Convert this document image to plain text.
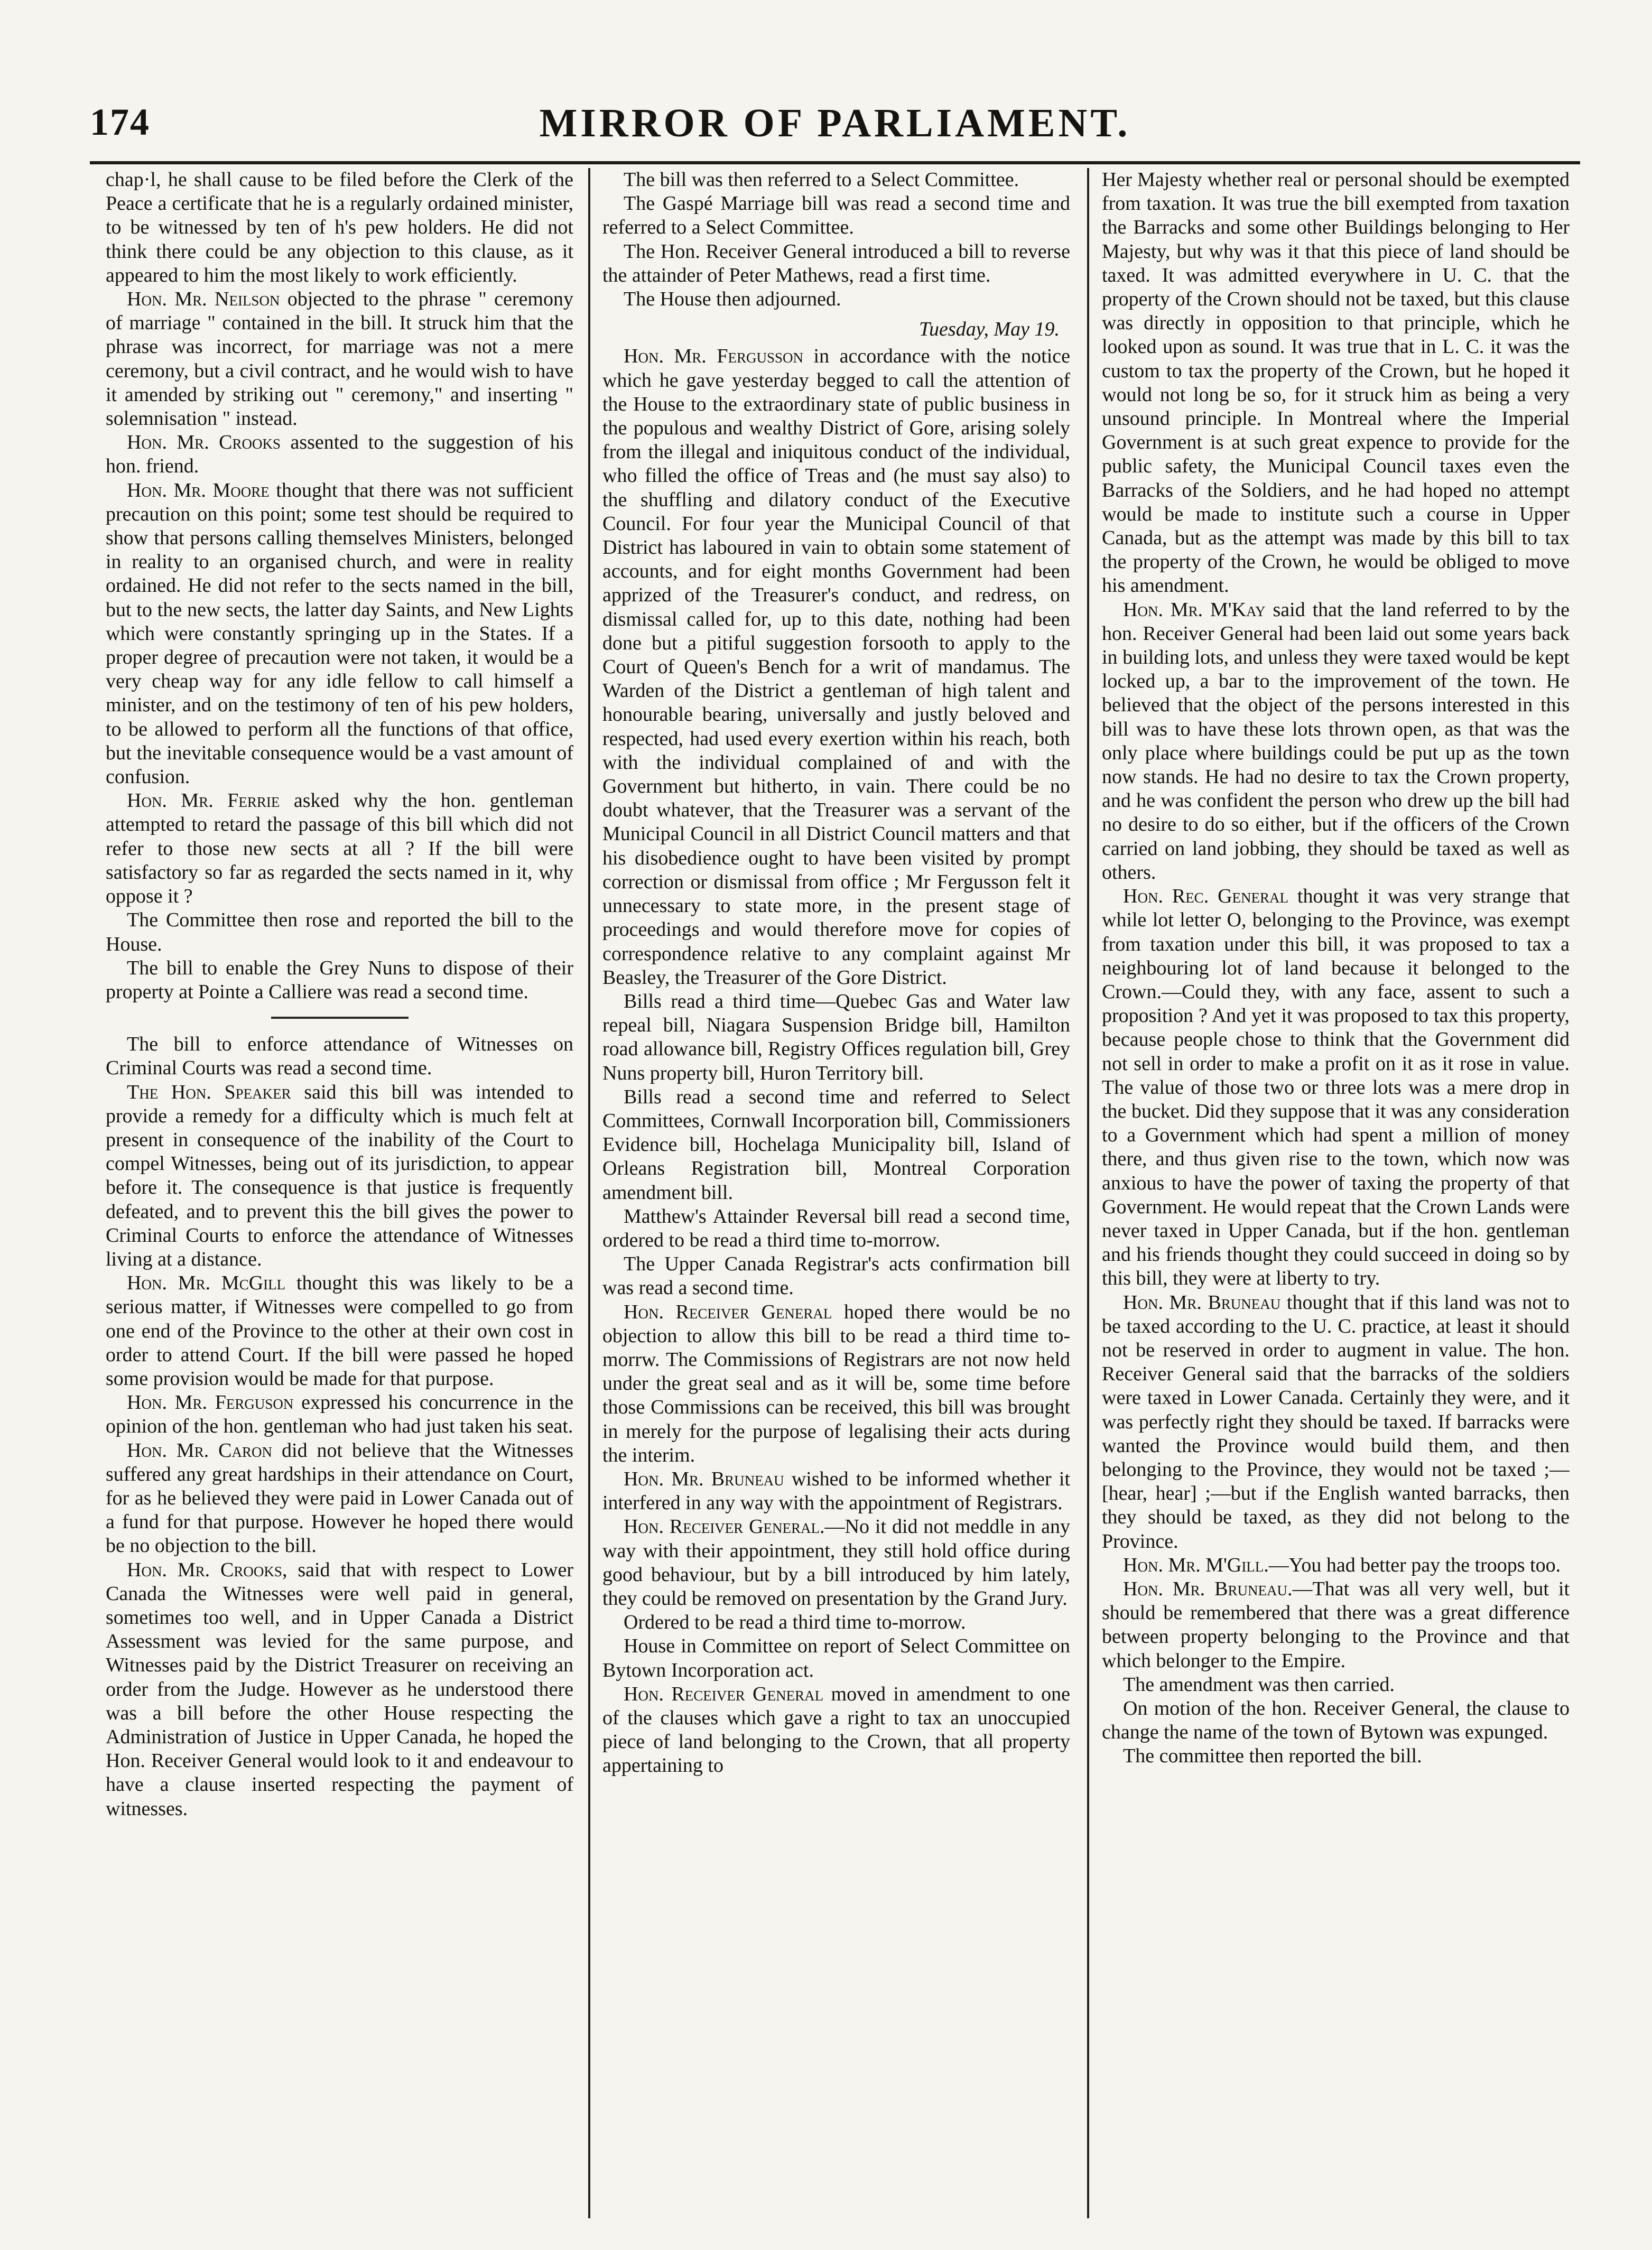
174	MIRROR OF PARLIAMENT.

chap·l, he shall cause to be filed before the Clerk of the Peace a certificate that he is a regularly ordained minister, to be witnessed by ten of h's pew holders. He did not think there could be any objection to this clause, as it appeared to him the most likely to work efficiently.

Hon. Mr. Neilson objected to the phrase " ceremony of marriage " contained in the bill. It struck him that the phrase was incorrect, for marriage was not a mere ceremony, but a civil contract, and he would wish to have it amended by striking out " ceremony," and inserting " solemnisation " instead.

Hon. Mr. Crooks assented to the suggestion of his hon. friend.

Hon. Mr. Moore thought that there was not sufficient precaution on this point; some test should be required to show that persons calling themselves Ministers, belonged in reality to an organised church, and were in reality ordained. He did not refer to the sects named in the bill, but to the new sects, the latter day Saints, and New Lights which were constantly springing up in the States. If a proper degree of precaution were not taken, it would be a very cheap way for any idle fellow to call himself a minister, and on the testimony of ten of his pew holders, to be allowed to perform all the functions of that office, but the inevitable consequence would be a vast amount of confusion.

Hon. Mr. Ferrie asked why the hon. gentleman attempted to retard the passage of this bill which did not refer to those new sects at all ? If the bill were satisfactory so far as regarded the sects named in it, why oppose it ?

The Committee then rose and reported the bill to the House.

The bill to enable the Grey Nuns to dispose of their property at Pointe a Calliere was read a second time.

The bill to enforce attendance of Witnesses on Criminal Courts was read a second time.

The Hon. Speaker said this bill was intended to provide a remedy for a difficulty which is much felt at present in consequence of the inability of the Court to compel Witnesses, being out of its jurisdiction, to appear before it. The consequence is that justice is frequently defeated, and to prevent this the bill gives the power to Criminal Courts to enforce the attendance of Witnesses living at a distance.

Hon. Mr. McGill thought this was likely to be a serious matter, if Witnesses were compelled to go from one end of the Province to the other at their own cost in order to attend Court. If the bill were passed he hoped some provision would be made for that purpose.

Hon. Mr. Ferguson expressed his concurrence in the opinion of the hon. gentleman who had just taken his seat.

Hon. Mr. Caron did not believe that the Witnesses suffered any great hardships in their attendance on Court, for as he believed they were paid in Lower Canada out of a fund for that purpose. However he hoped there would be no objection to the bill.

Hon. Mr. Crooks, said that with respect to Lower Canada the Witnesses were well paid in general, sometimes too well, and in Upper Canada a District Assessment was levied for the same purpose, and Witnesses paid by the District Treasurer on receiving an order from the Judge. However as he understood there was a bill before the other House respecting the Administration of Justice in Upper Canada, he hoped the Hon. Receiver General would look to it and endeavour to have a clause inserted respecting the payment of witnesses.

The bill was then referred to a Select Committee.

The Gaspé Marriage bill was read a second time and referred to a Select Committee.

The Hon. Receiver General introduced a bill to reverse the attainder of Peter Mathews, read a first time.

The House then adjourned.

Tuesday, May 19.

Hon. Mr. Fergusson in accordance with the notice which he gave yesterday begged to call the attention of the House to the extraordinary state of public business in the populous and wealthy District of Gore, arising solely from the illegal and iniquitous conduct of the individual, who filled the office of Treas and (he must say also) to the shuffling and dilatory conduct of the Executive Council. For four year the Municipal Council of that District has laboured in vain to obtain some statement of accounts, and for eight months Government had been apprized of the Treasurer's conduct, and redress, on dismissal called for, up to this date, nothing had been done but a pitiful suggestion forsooth to apply to the Court of Queen's Bench for a writ of mandamus. The Warden of the District a gentleman of high talent and honourable bearing, universally and justly beloved and respected, had used every exertion within his reach, both with the individual complained of and with the Government but hitherto, in vain. There could be no doubt whatever, that the Treasurer was a servant of the Municipal Council in all District Council matters and that his disobedience ought to have been visited by prompt correction or dismissal from office ; Mr Fergusson felt it unnecessary to state more, in the present stage of proceedings and would therefore move for copies of correspondence relative to any complaint against Mr Beasley, the Treasurer of the Gore District.

Bills read a third time—Quebec Gas and Water law repeal bill, Niagara Suspension Bridge bill, Hamilton road allowance bill, Registry Offices regulation bill, Grey Nuns property bill, Huron Territory bill.

Bills read a second time and referred to Select Committees, Cornwall Incorporation bill, Commissioners Evidence bill, Hochelaga Municipality bill, Island of Orleans Registration bill, Montreal Corporation amendment bill.

Matthew's Attainder Reversal bill read a second time, ordered to be read a third time to-morrow.

The Upper Canada Registrar's acts confirmation bill was read a second time.

Hon. Receiver General hoped there would be no objection to allow this bill to be read a third time to-morrw. The Commissions of Registrars are not now held under the great seal and as it will be, some time before those Commissions can be received, this bill was brought in merely for the purpose of legalising their acts during the interim.

Hon. Mr. Bruneau wished to be informed whether it interfered in any way with the appointment of Registrars.

Hon. Receiver General.—No it did not meddle in any way with their appointment, they still hold office during good behaviour, but by a bill introduced by him lately, they could be removed on presentation by the Grand Jury.

Ordered to be read a third time to-morrow.

House in Committee on report of Select Committee on Bytown Incorporation act.

Hon. Receiver General moved in amendment to one of the clauses which gave a right to tax an unoccupied piece of land belonging to the Crown, that all property appertaining to

Her Majesty whether real or personal should be exempted from taxation. It was true the bill exempted from taxation the Barracks and some other Buildings belonging to Her Majesty, but why was it that this piece of land should be taxed. It was admitted everywhere in U. C. that the property of the Crown should not be taxed, but this clause was directly in opposition to that principle, which he looked upon as sound. It was true that in L. C. it was the custom to tax the property of the Crown, but he hoped it would not long be so, for it struck him as being a very unsound principle. In Montreal where the Imperial Government is at such great expence to provide for the public safety, the Municipal Council taxes even the Barracks of the Soldiers, and he had hoped no attempt would be made to institute such a course in Upper Canada, but as the attempt was made by this bill to tax the property of the Crown, he would be obliged to move his amendment.

Hon. Mr. M'Kay said that the land referred to by the hon. Receiver General had been laid out some years back in building lots, and unless they were taxed would be kept locked up, a bar to the improvement of the town. He believed that the object of the persons interested in this bill was to have these lots thrown open, as that was the only place where buildings could be put up as the town now stands. He had no desire to tax the Crown property, and he was confident the person who drew up the bill had no desire to do so either, but if the officers of the Crown carried on land jobbing, they should be taxed as well as others.

Hon. Rec. General thought it was very strange that while lot letter O, belonging to the Province, was exempt from taxation under this bill, it was proposed to tax a neighbouring lot of land because it belonged to the Crown.—Could they, with any face, assent to such a proposition ? And yet it was proposed to tax this property, because people chose to think that the Government did not sell in order to make a profit on it as it rose in value. The value of those two or three lots was a mere drop in the bucket. Did they suppose that it was any consideration to a Government which had spent a million of money there, and thus given rise to the town, which now was anxious to have the power of taxing the property of that Government. He would repeat that the Crown Lands were never taxed in Upper Canada, but if the hon. gentleman and his friends thought they could succeed in doing so by this bill, they were at liberty to try.

Hon. Mr. Bruneau thought that if this land was not to be taxed according to the U. C. practice, at least it should not be reserved in order to augment in value. The hon. Receiver General said that the barracks of the soldiers were taxed in Lower Canada. Certainly they were, and it was perfectly right they should be taxed. If barracks were wanted the Province would build them, and then belonging to the Province, they would not be taxed ;—[hear, hear] ;—but if the English wanted barracks, then they should be taxed, as they did not belong to the Province.

Hon. Mr. M'Gill.—You had better pay the troops too.

Hon. Mr. Bruneau.—That was all very well, but it should be remembered that there was a great difference between property belonging to the Province and that which belonger to the Empire.

The amendment was then carried.

On motion of the hon. Receiver General, the clause to change the name of the town of Bytown was expunged.

The committee then reported the bill.
